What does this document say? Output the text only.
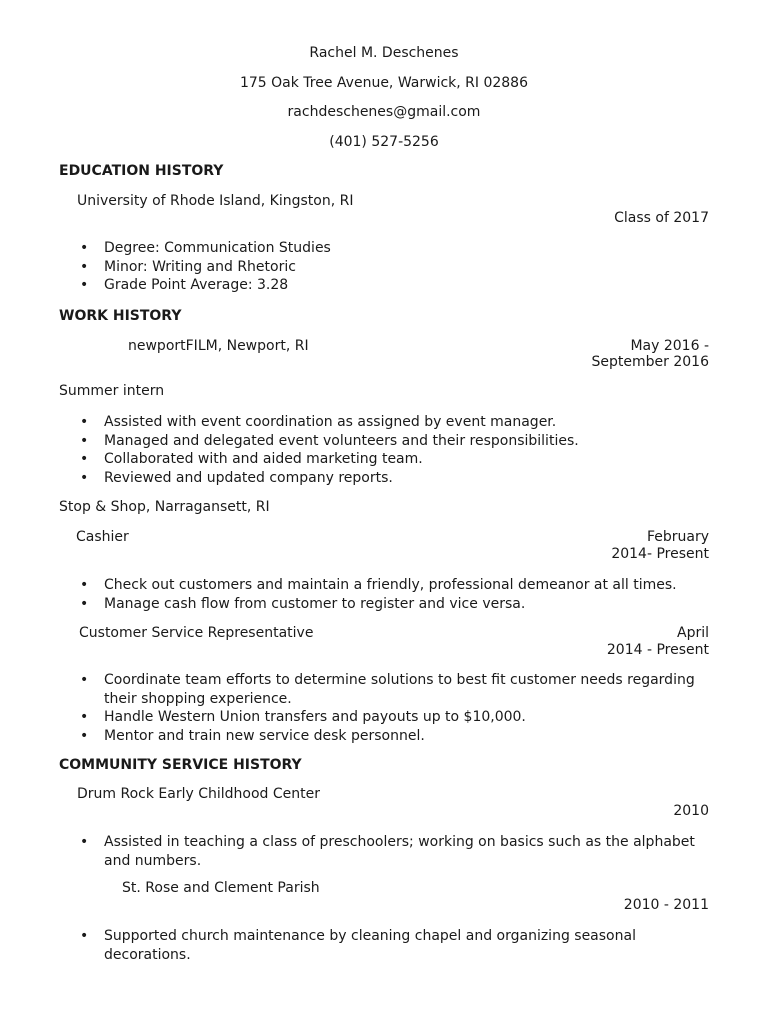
Rachel M. Deschenes
175 Oak Tree Avenue, Warwick, RI 02886
rachdeschenes@gmail.com
(401) 527-5256
EDUCATION HISTORY
University of Rhode Island, Kingston, RI
Class of 2017
• Degree: Communication Studies
• Minor: Writing and Rhetoric
• Grade Point Average: 3.28
WORK HISTORY
newportFILM, Newport, RI	May 2016 -
September 2016
Summer intern
• Assisted with event coordination as assigned by event manager.
• Managed and delegated event volunteers and their responsibilities.
• Collaborated with and aided marketing team.
• Reviewed and updated company reports.
Stop & Shop, Narragansett, RI
Cashier	February
2014- Present
• Check out customers and maintain a friendly, professional demeanor at all times.
• Manage cash flow from customer to register and vice versa.
Customer Service Representative	April
2014 - Present
• Coordinate team efforts to determine solutions to best fit customer needs regarding their shopping experience.
• Handle Western Union transfers and payouts up to $10,000.
• Mentor and train new service desk personnel.
COMMUNITY SERVICE HISTORY
Drum Rock Early Childhood Center
2010
• Assisted in teaching a class of preschoolers; working on basics such as the alphabet and numbers.
St. Rose and Clement Parish
2010 - 2011
• Supported church maintenance by cleaning chapel and organizing seasonal decorations.
